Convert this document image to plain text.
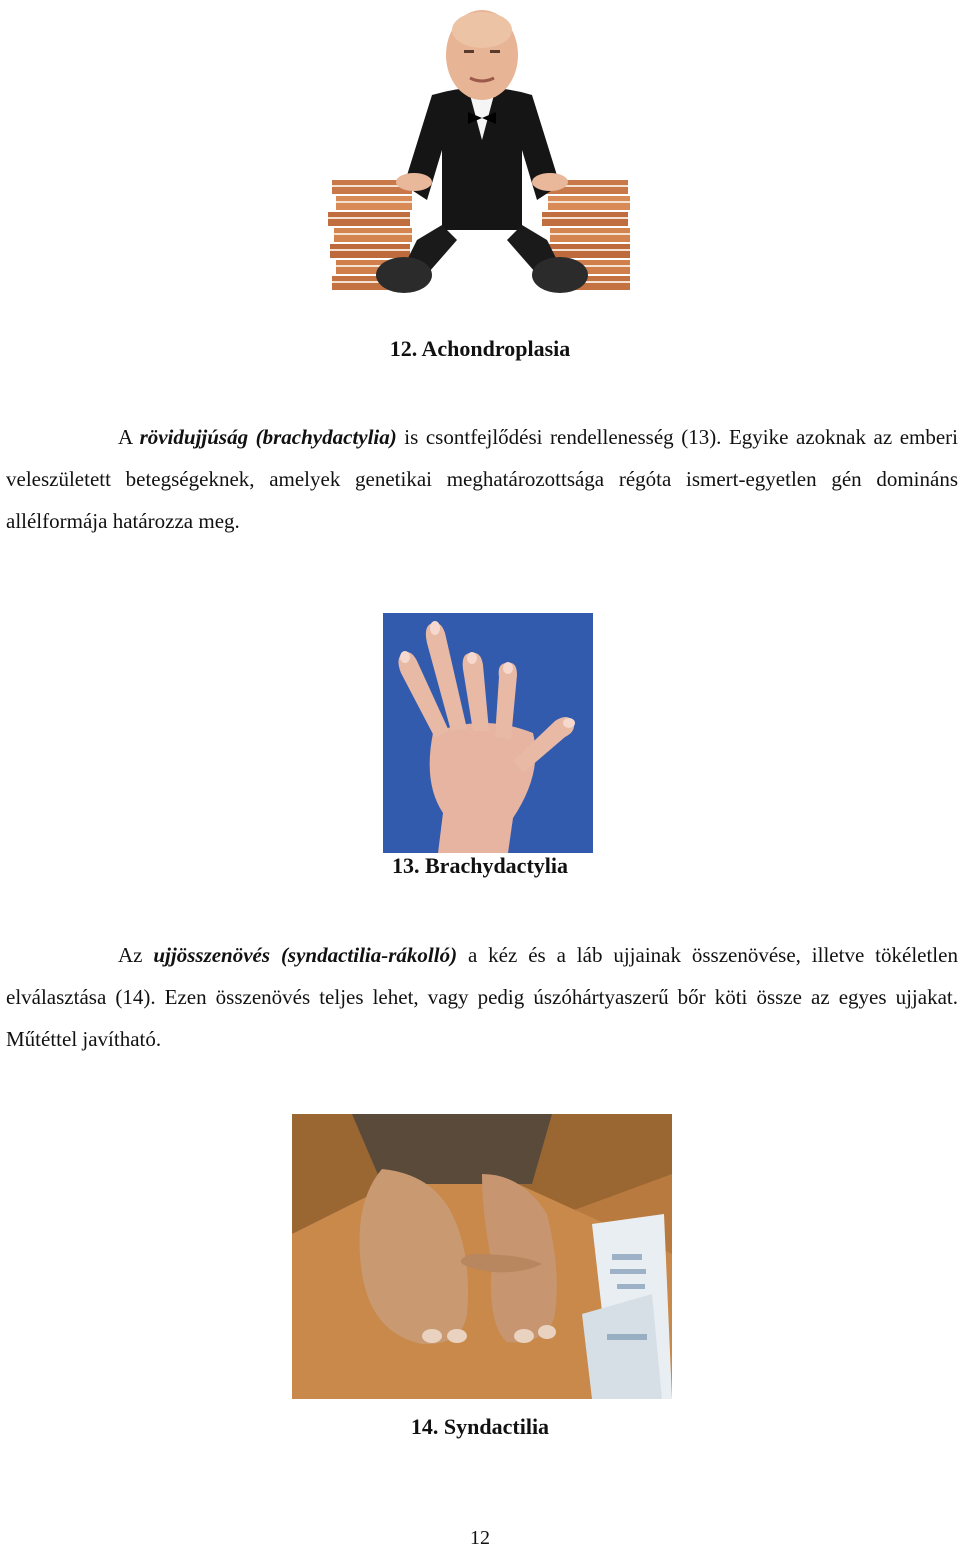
12. Achondroplasia
A rövidujjúság (brachydactylia) is csontfejlődési rendellenesség (13). Egyike azoknak az emberi veleszületett betegségeknek, amelyek genetikai meghatározottsága régóta ismert-egyetlen gén domináns allélformája határozza meg.
13. Brachydactylia
Az ujjösszenövés (syndactilia-rákolló) a kéz és a láb ujjainak összenövése, illetve tökéletlen elválasztása (14). Ezen összenövés teljes lehet, vagy pedig úszóhártyaszerű bőr köti össze az egyes ujjakat. Műtéttel javítható.
14. Syndactilia
12
